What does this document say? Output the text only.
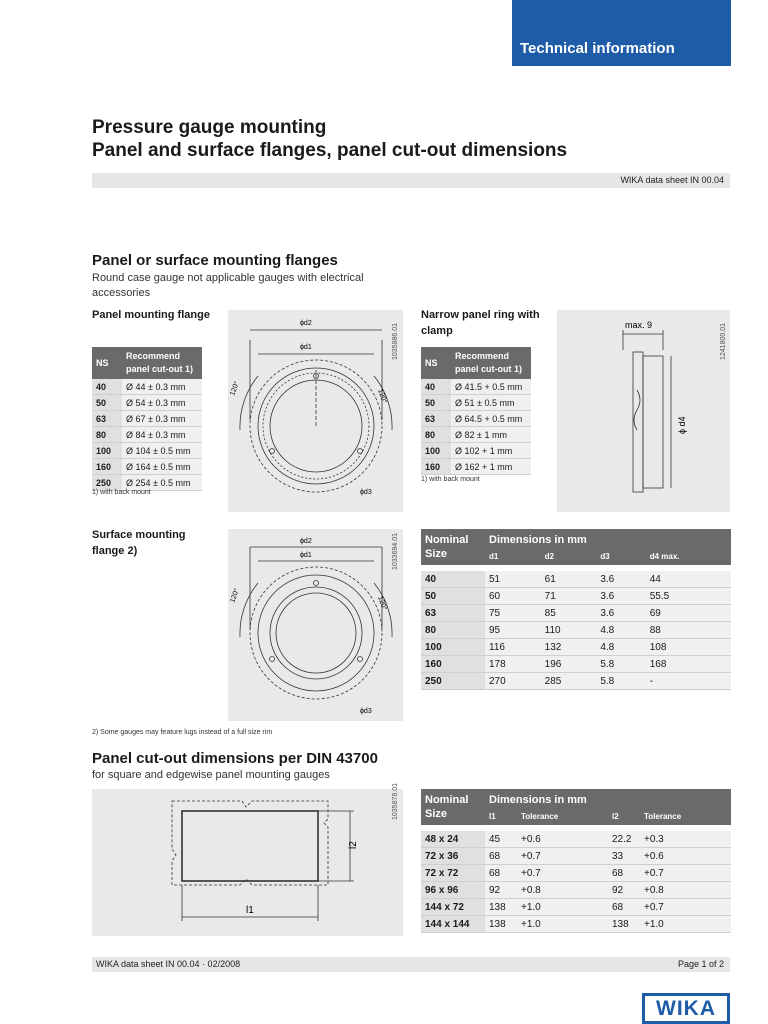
Technical information
Pressure gauge mounting
Panel and surface flanges, panel cut-out dimensions
WIKA data sheet IN 00.04
Panel or surface mounting flanges
Round case gauge not applicable gauges with electrical accessories
Panel mounting flange
NS	Recommend panel cut-out 1)
40	Ø 44 ± 0.3 mm
50	Ø 54 ± 0.3 mm
63	Ø 67 ± 0.3 mm
80	Ø 84 ± 0.3 mm
100	Ø 104 ± 0.5 mm
160	Ø 164 ± 0.5 mm
250	Ø 254 ± 0.5 mm
1) with back mount
ϕd2
ϕd1
ϕd3
120°	120°
1035886.01
Narrow panel ring with clamp
NS	Recommend panel cut-out 1)
40	Ø 41.5 + 0.5 mm
50	Ø 51 ± 0.5 mm
63	Ø 64.5 + 0.5 mm
80	Ø 82 ± 1 mm
100	Ø 102 + 1 mm
160	Ø 162 + 1 mm
1) with back mount
max. 9
ϕ d4
1241800.01
Surface mounting flange 2)
ϕd2
ϕd1
ϕd3
120°	120°
1033694.01
2) Some gauges may feature lugs instead of a full size rim
Nominal	Dimensions in mm			
Size	d1	d2	d3	d4 max.

40	51	61	3.6	44
50	60	71	3.6	55.5
63	75	85	3.6	69
80	95	110	4.8	88
100	116	132	4.8	108
160	178	196	5.8	168
250	270	285	5.8	-
Panel cut-out dimensions per DIN 43700
for square and edgewise panel mounting gauges
l1
l2
1035878.01 Nominal	Dimensions in mm			
Size	l1	Tolerance	l2	Tolerance

48 x 24	45	+0.6	22.2	+0.3
72 x 36	68	+0.7	33	+0.6
72 x 72	68	+0.7	68	+0.7
96 x 96	92	+0.8	92	+0.8
144 x 72	138	+1.0	68	+0.7
144 x 144	138	+1.0	138	+1.0
WIKA data sheet IN 00.04 · 02/2008	Page 1 of 2
WIKA
